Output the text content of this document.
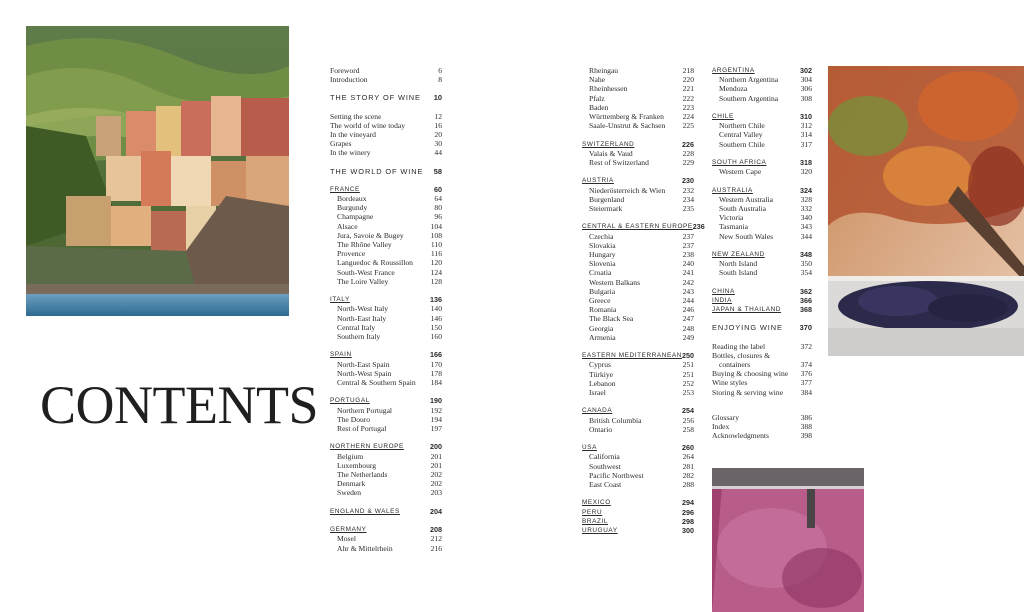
CONTENTS
Foreword	6
Introduction	8
THE STORY OF WINE 10
Setting the scene	12
The world of wine today	16
In the vineyard	20
Grapes	30
In the winery	44
THE WORLD OF WINE 58
FRANCE	60
Bordeaux	64
Burgundy	80
Champagne	96
Alsace	104
Jura, Savoie & Bugey	108
The Rhône Valley	110
Provence	116
Languedoc & Roussillon	120
South-West France	124
The Loire Valley	128
ITALY	136
North-West Italy	140
North-East Italy	146
Central Italy	150
Southern Italy	160
SPAIN	166
North-East Spain	170
North-West Spain	178
Central & Southern Spain	184
PORTUGAL	190
Northern Portugal	192
The Douro	194
Rest of Portugal	197
NORTHERN EUROPE	200
Belgium	201
Luxembourg	201
The Netherlands	202
Denmark	202
Sweden	203
ENGLAND & WALES	204
GERMANY	208
Mosel	212
Ahr & Mittelrhein	216
Rheingau	218
Nahe	220
Rheinhessen	221
Pfalz	222
Baden	223
Württemberg & Franken	224
Saale-Unstrut & Sachsen	225
SWITZERLAND	226
Valais & Vaud	228
Rest of Switzerland	229
AUSTRIA	230
Niederösterreich & Wien	232
Burgenland	234
Steiermark	235
CENTRAL & EASTERN EUROPE 236
Czechia	237
Slovakia	237
Hungary	238
Slovenia	240
Croatia	241
Western Balkans	242
Bulgaria	243
Greece	244
Romania	246
The Black Sea	247
Georgia	248
Armenia	249
EASTERN MEDITERRANEAN 250
Cyprus	251
Türkiye	251
Lebanon	252
Israel	253
CANADA	254
British Columbia	256
Ontario	258
USA	260
California	264
Southwest	281
Pacific Northwest	282
East Coast	288
MEXICO	294
PERU	296
BRAZIL	298
URUGUAY	300
ARGENTINA	302
Northern Argentina	304
Mendoza	306
Southern Argentina	308
CHILE	310
Northern Chile	312
Central Valley	314
Southern Chile	317
SOUTH AFRICA	318
Western Cape	320
AUSTRALIA	324
Western Australia	328
South Australia	332
Victoria	340
Tasmania	343
New South Wales	344
NEW ZEALAND	348
North Island	350
South Island	354
CHINA	362
INDIA	366
JAPAN & THAILAND	368
ENJOYING WINE 370
Reading the label	372
Bottles, closures &
containers	374
Buying & choosing wine	376
Wine styles	377
Storing & serving wine	384
Glossary	386
Index	388
Acknowledgments	398
